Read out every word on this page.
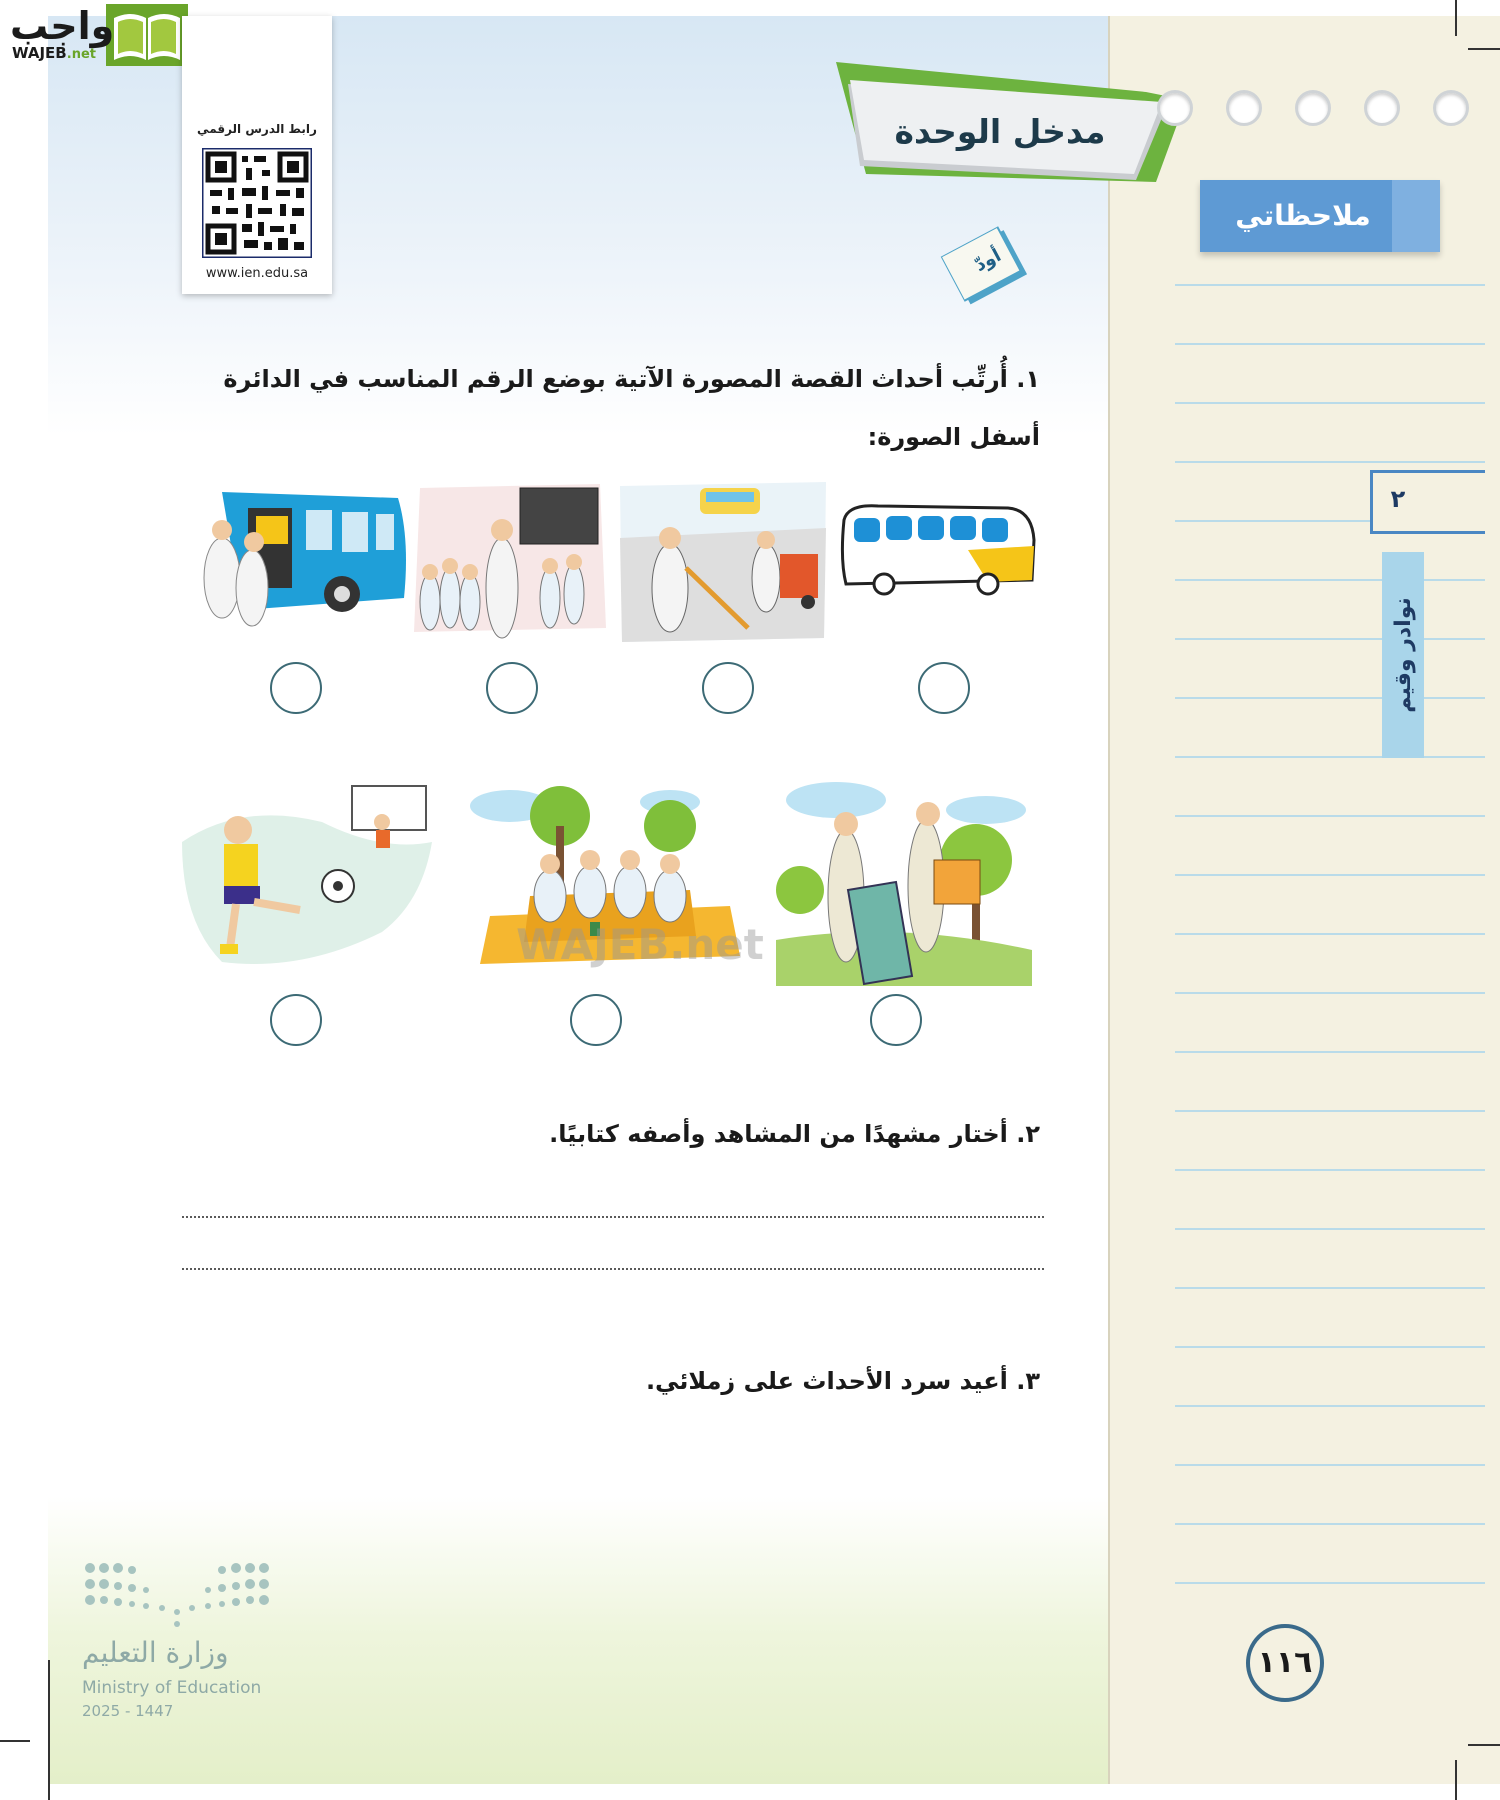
واجب
WAJEB.net
رابط الدرس الرقمي
www.ien.edu.sa
مدخل الوحدة
أودّ
ملاحظاتي
٢
نوادر وقيم
١. أُرتِّب أحداث القصة المصورة الآتية بوضع الرقم المناسب في الدائرة أسفل الصورة:
WAJEB.net
٢. أختار مشهدًا من المشاهد وأصفه كتابيًا.
٣. أعيد سرد الأحداث على زملائي.
وزارة التعليم
Ministry of Education
2025 - 1447
١١٦
